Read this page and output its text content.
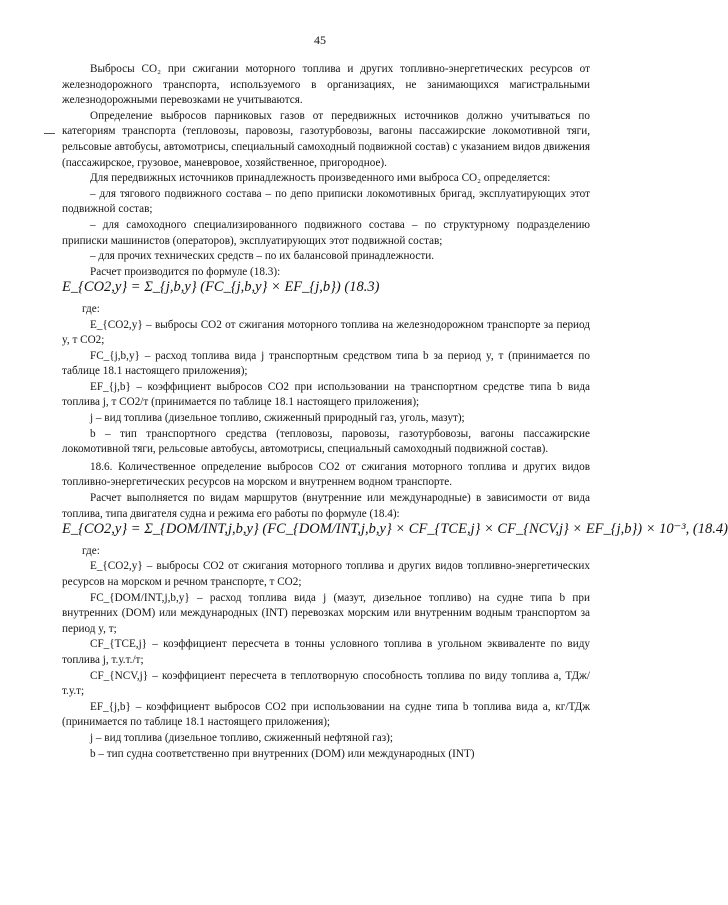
45

Выбросы CO₂ при сжигании моторного топлива и других топливно-энергетических ресурсов от железнодорожного транспорта, используемого в организациях, не занимающихся магистральными железнодорожными перевозками не учитываются.

Определение выбросов парниковых газов от передвижных источников должно учитываться по категориям транспорта (тепловозы, паровозы, газотурбовозы, вагоны пассажирские локомотивной тяги, рельсовые автобусы, автомотрисы, специальный самоходный подвижной состав) с указанием видов движения (пассажирское, грузовое, маневровое, хозяйственное, пригородное).

Для передвижных источников принадлежность произведенного ими выброса CO₂ определяется:

– для тягового подвижного состава – по депо приписки локомотивных бригад, эксплуатирующих этот подвижной состав;

– для самоходного специализированного подвижного состава – по структурному подразделению приписки машинистов (операторов), эксплуатирующих этот подвижной состав;

– для прочих технических средств – по их балансовой принадлежности.

Расчет производится по формуле (18.3):

E_{CO2,y} = Σ_{j,b,y} (FC_{j,b,y} × EF_{j,b}) (18.3)

где:

E_{CO2,y} – выбросы CO2 от сжигания моторного топлива на железнодорожном транспорте за период y, т CO2;

FC_{j,b,y} – расход топлива вида j транспортным средством типа b за период y, т (принимается по таблице 18.1 настоящего приложения);

EF_{j,b} – коэффициент выбросов CO2 при использовании на транспортном средстве типа b вида топлива j, т CO2/т (принимается по таблице 18.1 настоящего приложения);

j – вид топлива (дизельное топливо, сжиженный природный газ, уголь, мазут);

b – тип транспортного средства (тепловозы, паровозы, газотурбовозы, вагоны пассажирские локомотивной тяги, рельсовые автобусы, автомотрисы, специальный самоходный подвижной состав).

18.6. Количественное определение выбросов CO2 от сжигания моторного топлива и других видов топливно-энергетических ресурсов на морском и внутреннем водном транспорте.

Расчет выполняется по видам маршрутов (внутренние или международные) в зависимости от вида топлива, типа двигателя судна и режима его работы по формуле (18.4):

E_{CO2,y} = Σ_{DOM/INT,j,b,y} (FC_{DOM/INT,j,b,y} × CF_{TCE,j} × CF_{NCV,j} × EF_{j,b}) × 10⁻³, (18.4)

где:

E_{CO2,y} – выбросы CO2 от сжигания моторного топлива и других видов топливно-энергетических ресурсов на морском и речном транспорте, т CO2;

FC_{DOM/INT,j,b,y} – расход топлива вида j (мазут, дизельное топливо) на судне типа b при внутренних (DOM) или международных (INT) перевозках морским или внутренним водным транспортом за период y, т;

CF_{TCE,j} – коэффициент пересчета в тонны условного топлива в угольном эквиваленте по виду топлива j, т.у.т./т;

CF_{NCV,j} – коэффициент пересчета в теплотворную способность топлива по виду топлива a, ТДж/т.у.т;

EF_{j,b} – коэффициент выбросов CO2 при использовании на судне типа b топлива вида a, кг/ТДж (принимается по таблице 18.1 настоящего приложения);

j – вид топлива (дизельное топливо, сжиженный нефтяной газ);

b – тип судна соответственно при внутренних (DOM) или международных (INT)
